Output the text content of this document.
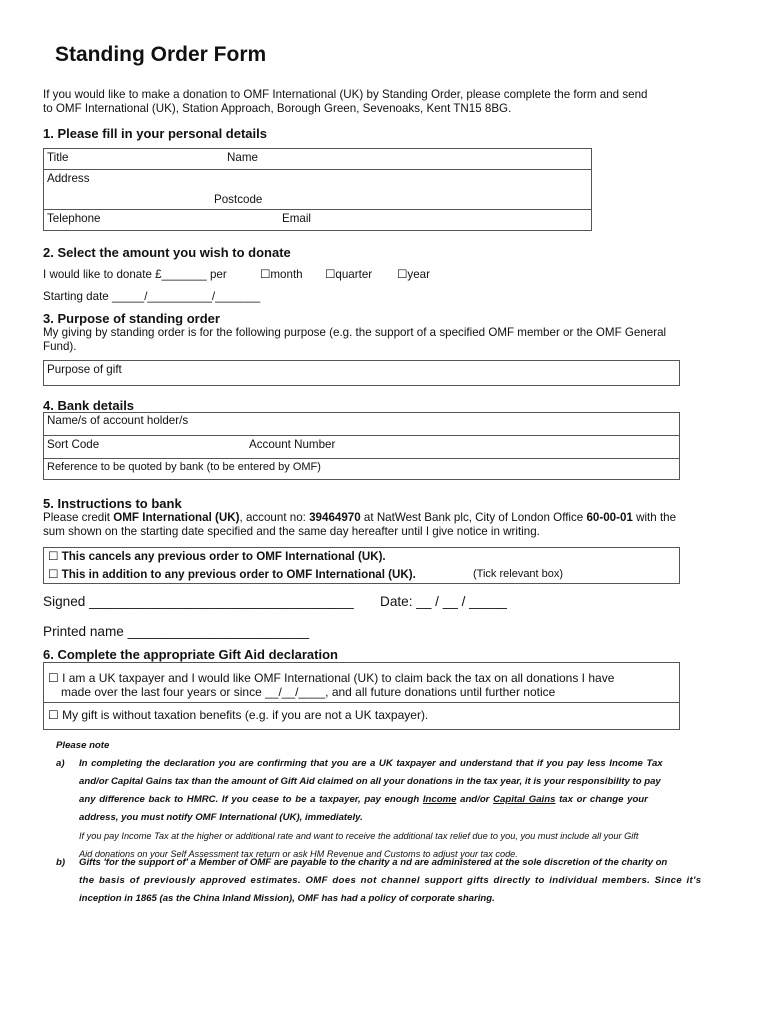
Standing Order Form
If you would like to make a donation to OMF International (UK) by Standing Order, please complete the form and send
to OMF International (UK), Station Approach, Borough Green, Sevenoaks, Kent TN15 8BG.
1. Please fill in your personal details
Title	Name
Address
Postcode
Telephone	Email
2. Select the amount you wish to donate
I would like to donate £_______ per	☐month ☐quarter ☐year
Starting date _____/__________/_______
3. Purpose of standing order
My giving by standing order is for the following purpose (e.g. the support of a specified OMF member or the OMF General
Fund).
Purpose of gift
4. Bank details
Name/s of account holder/s
Sort Code	Account Number
Reference to be quoted by bank (to be entered by OMF)
5. Instructions to bank
Please credit OMF International (UK), account no: 39464970 at NatWest Bank plc, City of London Office 60-00-01 with the
sum shown on the starting date specified and the same day hereafter until I give notice in writing.
☐ This cancels any previous order to OMF International (UK).
☐ This in addition to any previous order to OMF International (UK).	(Tick relevant box)
Signed ___________________________________ Date: __ / __ / _____
Printed name ________________________
6. Complete the appropriate Gift Aid declaration
☐ I am a UK taxpayer and I would like OMF International (UK) to claim back the tax on all donations I have
made over the last four years or since __/__/____, and all future donations until further notice
☐ My gift is without taxation benefits (e.g. if you are not a UK taxpayer).
Please note
a) In completing the declaration you are confirming that you are a UK taxpayer and understand that if you pay less Income Tax
and/or Capital Gains tax than the amount of Gift Aid claimed on all your donations in the tax year, it is your responsibility to pay
any difference back to HMRC. If you cease to be a taxpayer, pay enough Income and/or Capital Gains tax or change your
address, you must notify OMF International (UK), immediately.
If you pay Income Tax at the higher or additional rate and want to receive the additional tax relief due to you, you must include all your Gift
Aid donations on your Self Assessment tax return or ask HM Revenue and Customs to adjust your tax code.
b) Gifts 'for the support of' a Member of OMF are payable to the charity a nd are administered at the sole discretion of the charity on
the basis of previously approved estimates. OMF does not channel support gifts directly to individual members. Since it's
inception in 1865 (as the China Inland Mission), OMF has had a policy of corporate sharing.
